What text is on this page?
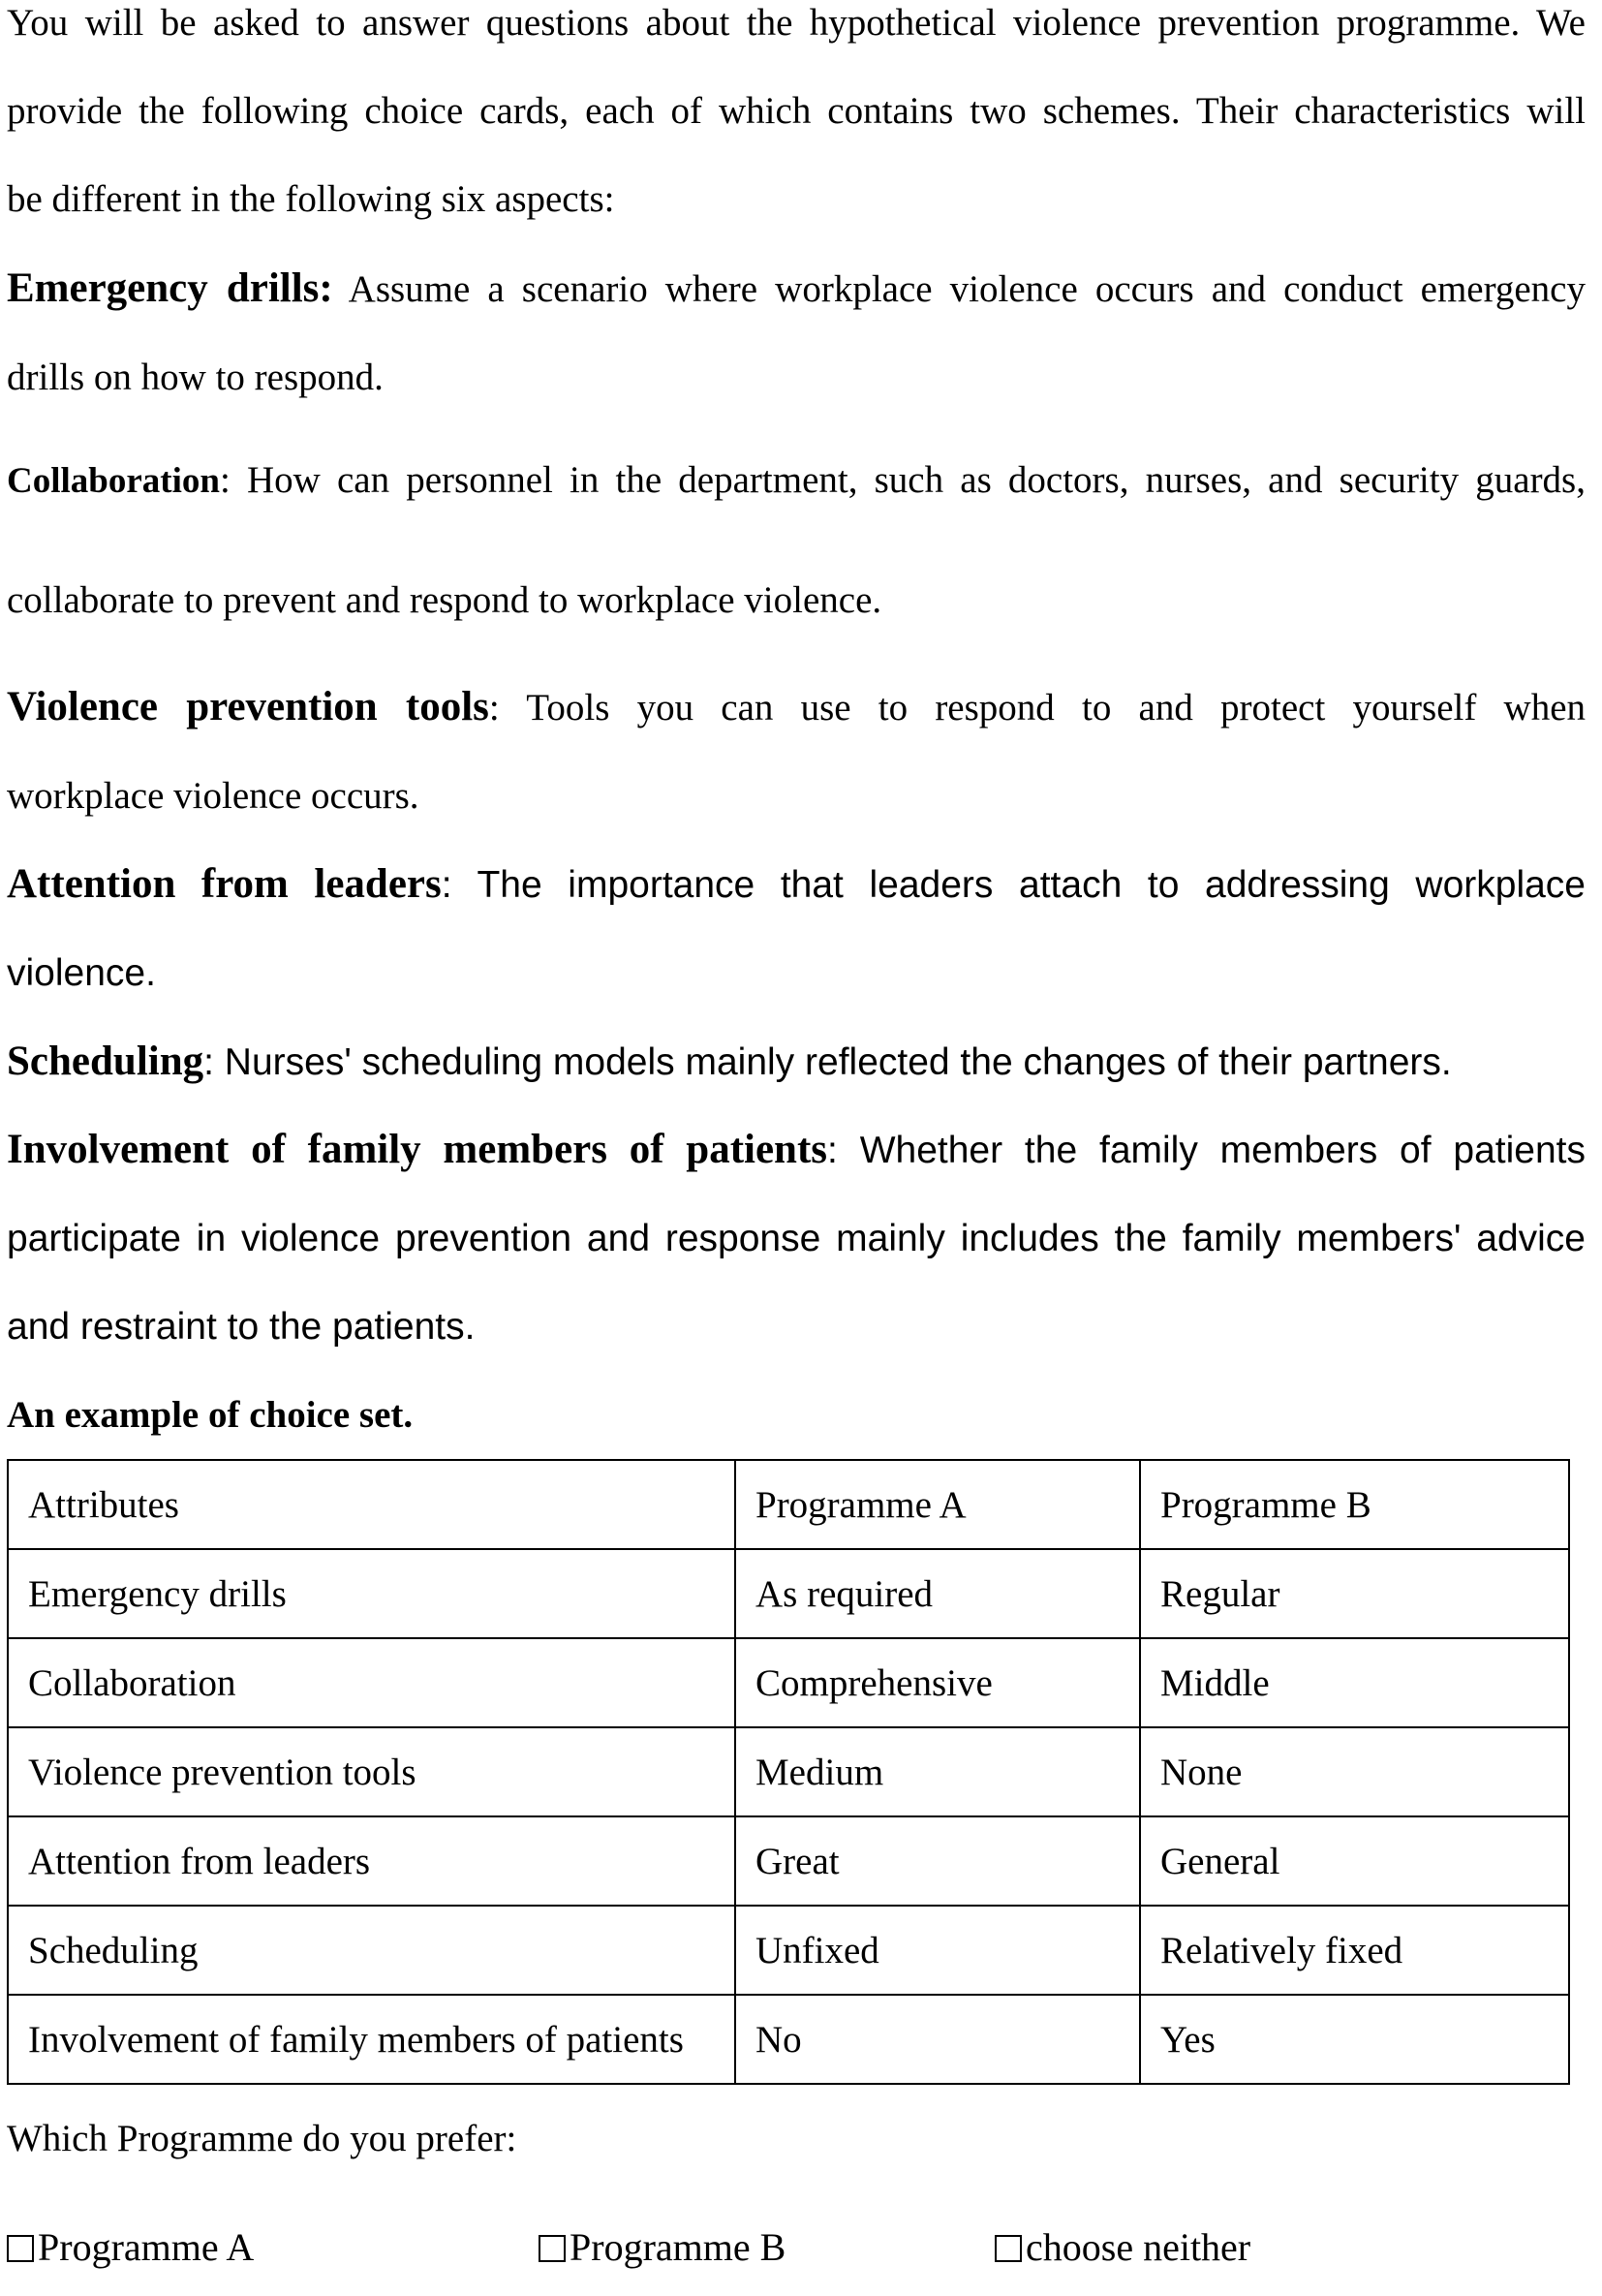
You will be asked to answer questions about the hypothetical violence prevention programme. We
provide the following choice cards, each of which contains two schemes. Their characteristics will
be different in the following six aspects:
Emergency drills: Assume a scenario where workplace violence occurs and conduct emergency
drills on how to respond.
Collaboration: How can personnel in the department, such as doctors, nurses, and security guards,
collaborate to prevent and respond to workplace violence.
Violence prevention tools: Tools you can use to respond to and protect yourself when
workplace violence occurs.
Attention from leaders: The importance that leaders attach to addressing workplace
violence.
Scheduling: Nurses' scheduling models mainly reflected the changes of their partners.
Involvement of family members of patients: Whether the family members of patients
participate in violence prevention and response mainly includes the family members' advice
and restraint to the patients.
An example of choice set.
Attributes	Programme A	Programme B
Emergency drills	As required	Regular
Collaboration	Comprehensive	Middle
Violence prevention tools	Medium	None
Attention from leaders	Great	General
Scheduling	Unfixed	Relatively fixed
Involvement of family members of patients	No	Yes
Which Programme do you prefer:
Programme A	Programme B	choose neither
